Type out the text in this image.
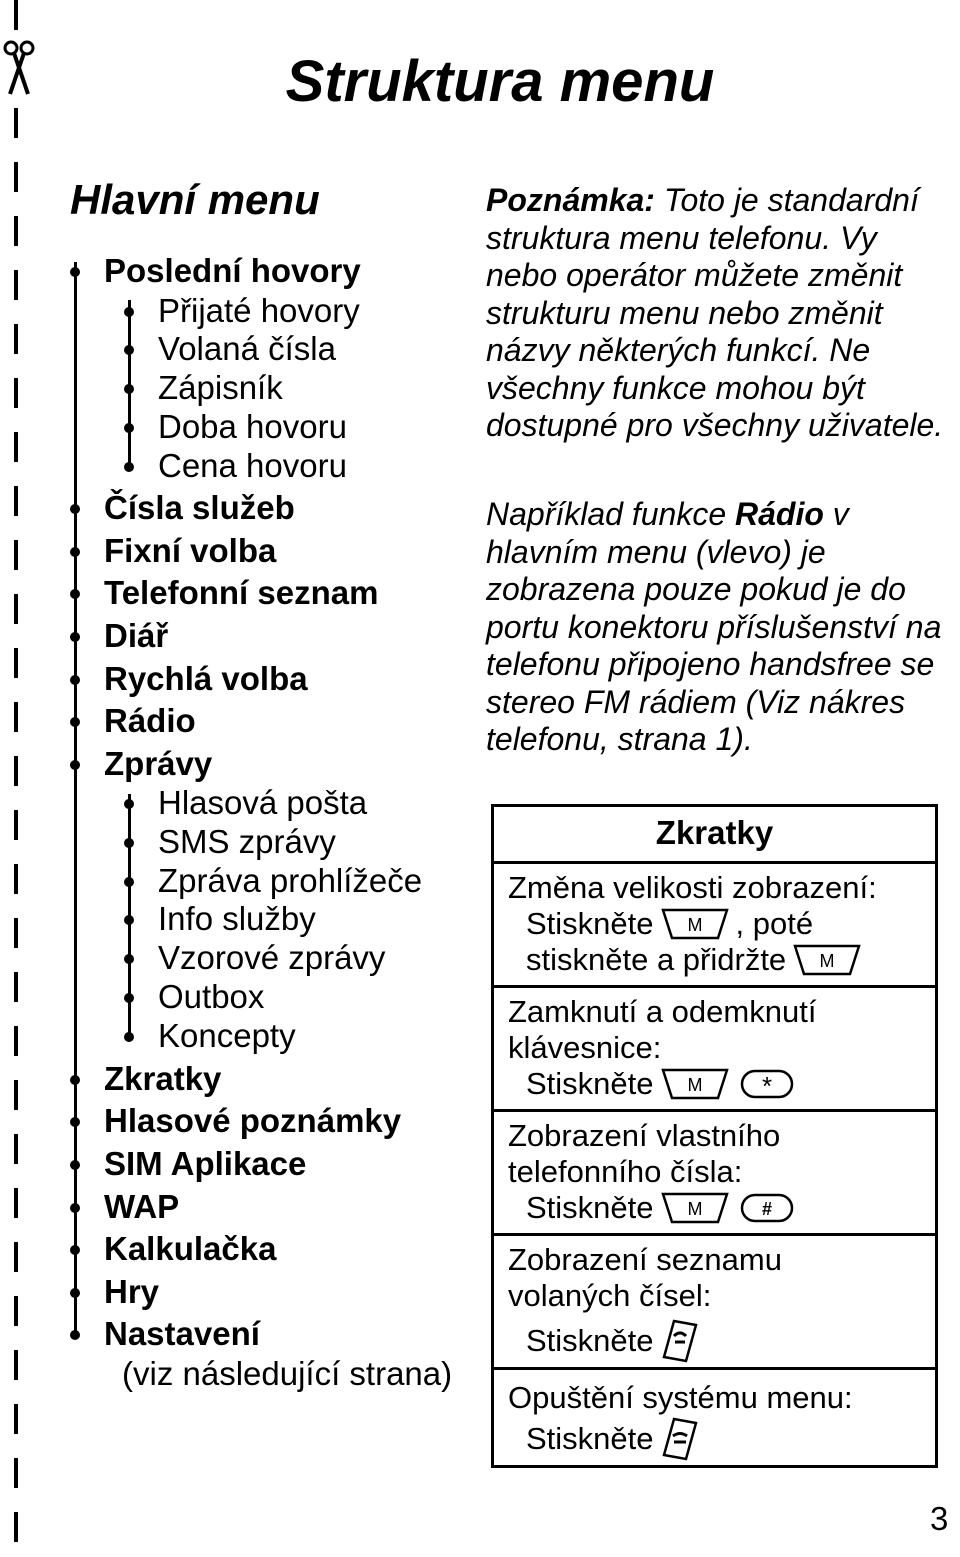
Struktura menu
Hlavní menu
Poslední hovory
Přijaté hovory
Volaná čísla
Zápisník
Doba hovoru
Cena hovoru
Čísla služeb
Fixní volba
Telefonní seznam
Diář
Rychlá volba
Rádio
Zprávy
Hlasová pošta
SMS zprávy
Zpráva prohlížeče
Info služby
Vzorové zprávy
Outbox
Koncepty
Zkratky
Hlasové poznámky
SIM Aplikace
WAP
Kalkulačka
Hry
Nastavení
(viz následující strana)
Poznámka: Toto je standardní struktura menu telefonu. Vy nebo operátor můžete změnit strukturu menu nebo změnit názvy některých funkcí. Ne všechny funkce mohou být dostupné pro všechny uživatele.
Například funkce Rádio v hlavním menu (vlevo) je zobrazena pouze pokud je do portu konektoru příslušenství na telefonu připojeno handsfree se stereo FM rádiem (Viz nákres telefonu, strana 1).
Zkratky
Změna velikosti zobrazení:
Stiskněte M , poté
stiskněte a přidržte M
Zamknutí a odemknutí
klávesnice:
Stiskněte M *
Zobrazení vlastního
telefonního čísla:
Stiskněte M	#
Zobrazení seznamu
volaných čísel:
Stiskněte
Opuštění systému menu:
Stiskněte
3
